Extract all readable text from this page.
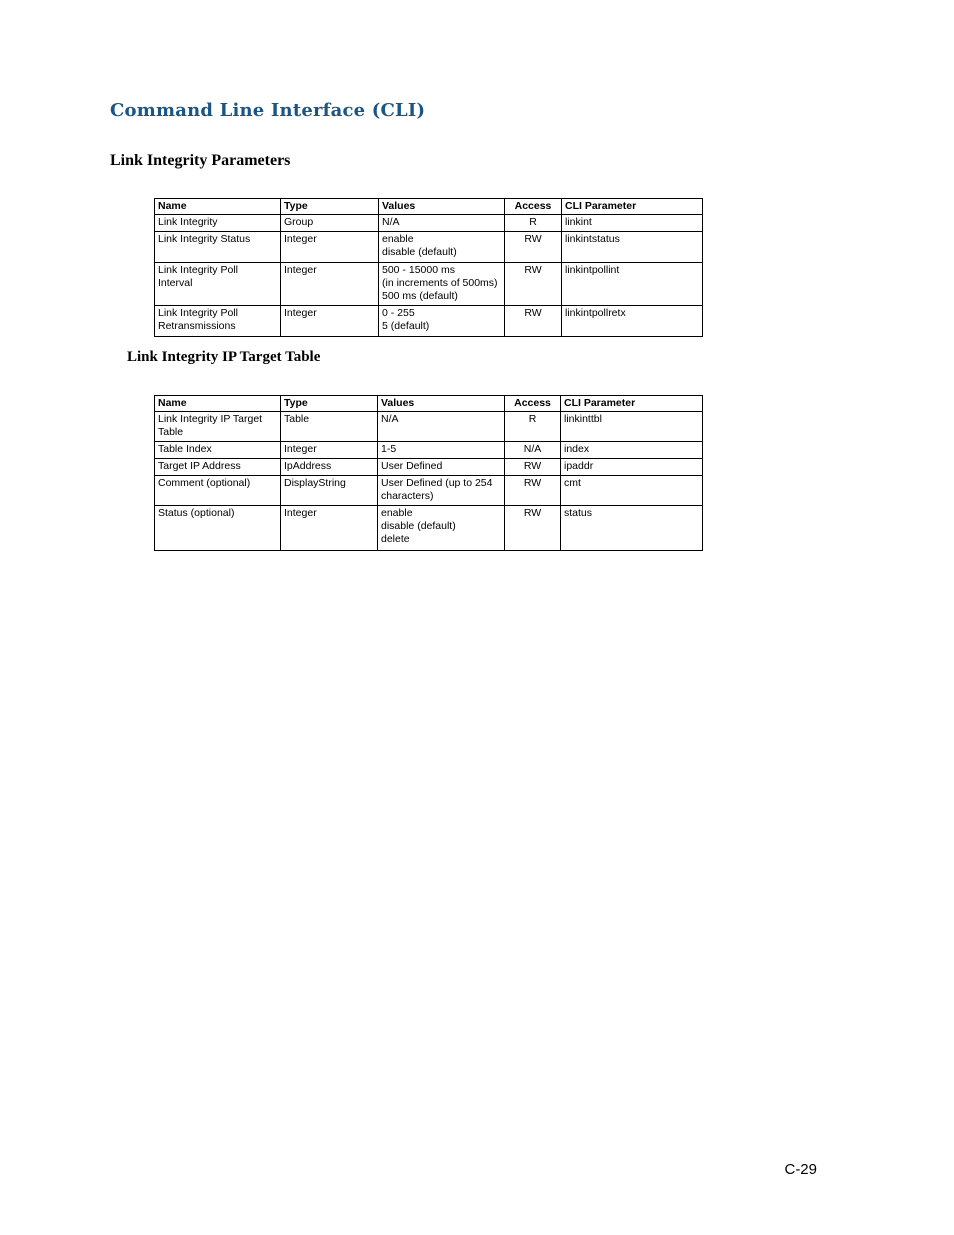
Command Line Interface (CLI)
Link Integrity Parameters
Name	Type	Values	Access	CLI Parameter

Link Integrity	Group	N/A	R	linkint

Link Integrity Status	Integer	enable
disable (default)	RW	linkintstatus

Link Integrity Poll
Interval	Integer	500 - 15000 ms
(in increments of 500ms)
500 ms (default)	RW	linkintpollint

Link Integrity Poll
Retransmissions	Integer	0 - 255
5 (default)	RW	linkintpollretx
Link Integrity IP Target Table
Name	Type	Values	Access	CLI Parameter

Link Integrity IP Target
Table	Table	N/A	R	linkinttbl

Table Index	Integer	1-5	N/A	index

Target IP Address	IpAddress	User Defined	RW	ipaddr

Comment (optional)	DisplayString	User Defined (up to 254
characters)	RW	cmt

Status (optional)	Integer	enable
disable (default)
delete	RW	status
C-29
